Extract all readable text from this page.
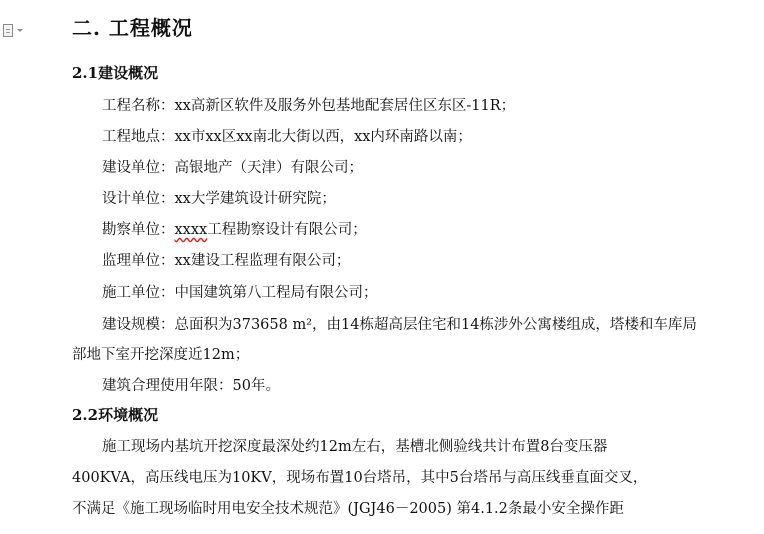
二. 工程概况
2.1建设概况
工程名称：xx高新区软件及服务外包基地配套居住区东区-11R；
工程地点：xx市xx区xx南北大街以西，xx内环南路以南；
建设单位：高银地产（天津）有限公司；
设计单位：xx大学建筑设计研究院；
勘察单位：xxxx工程勘察设计有限公司；
监理单位：xx建设工程监理有限公司；
施工单位：中国建筑第八工程局有限公司；
建设规模：总面积为373658 m²，由14栋超高层住宅和14栋涉外公寓楼组成，塔楼和车库局
部地下室开挖深度近12m；
建筑合理使用年限：50年。
2.2环境概况
施工现场内基坑开挖深度最深处约12m左右，基槽北侧验线共计布置8台变压器
400KVA，高压线电压为10KV，现场布置10台塔吊，其中5台塔吊与高压线垂直面交叉，
不满足《施工现场临时用电安全技术规范》(JGJ46－2005) 第4.1.2条最小安全操作距
